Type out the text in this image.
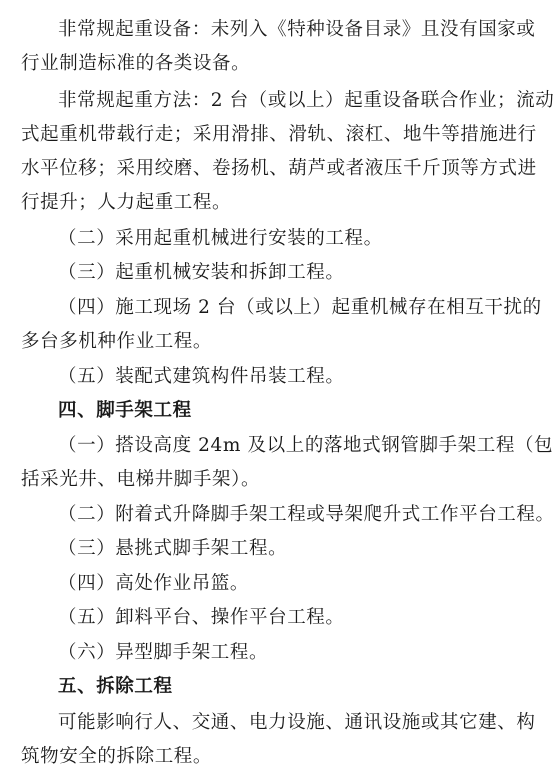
非常规起重设备：未列入《特种设备目录》且没有国家或
行业制造标准的各类设备。
非常规起重方法：2 台（或以上）起重设备联合作业；流动
式起重机带载行走；采用滑排、滑轨、滚杠、地牛等措施进行
水平位移；采用绞磨、卷扬机、葫芦或者液压千斤顶等方式进
行提升；人力起重工程。
（二）采用起重机械进行安装的工程。
（三）起重机械安装和拆卸工程。
（四）施工现场 2 台（或以上）起重机械存在相互干扰的
多台多机种作业工程。
（五）装配式建筑构件吊装工程。
四、脚手架工程
（一）搭设高度 24m 及以上的落地式钢管脚手架工程（包
括采光井、电梯井脚手架）。
（二）附着式升降脚手架工程或导架爬升式工作平台工程。
（三）悬挑式脚手架工程。
（四）高处作业吊篮。
（五）卸料平台、操作平台工程。
（六）异型脚手架工程。
五、拆除工程
可能影响行人、交通、电力设施、通讯设施或其它建、构
筑物安全的拆除工程。
